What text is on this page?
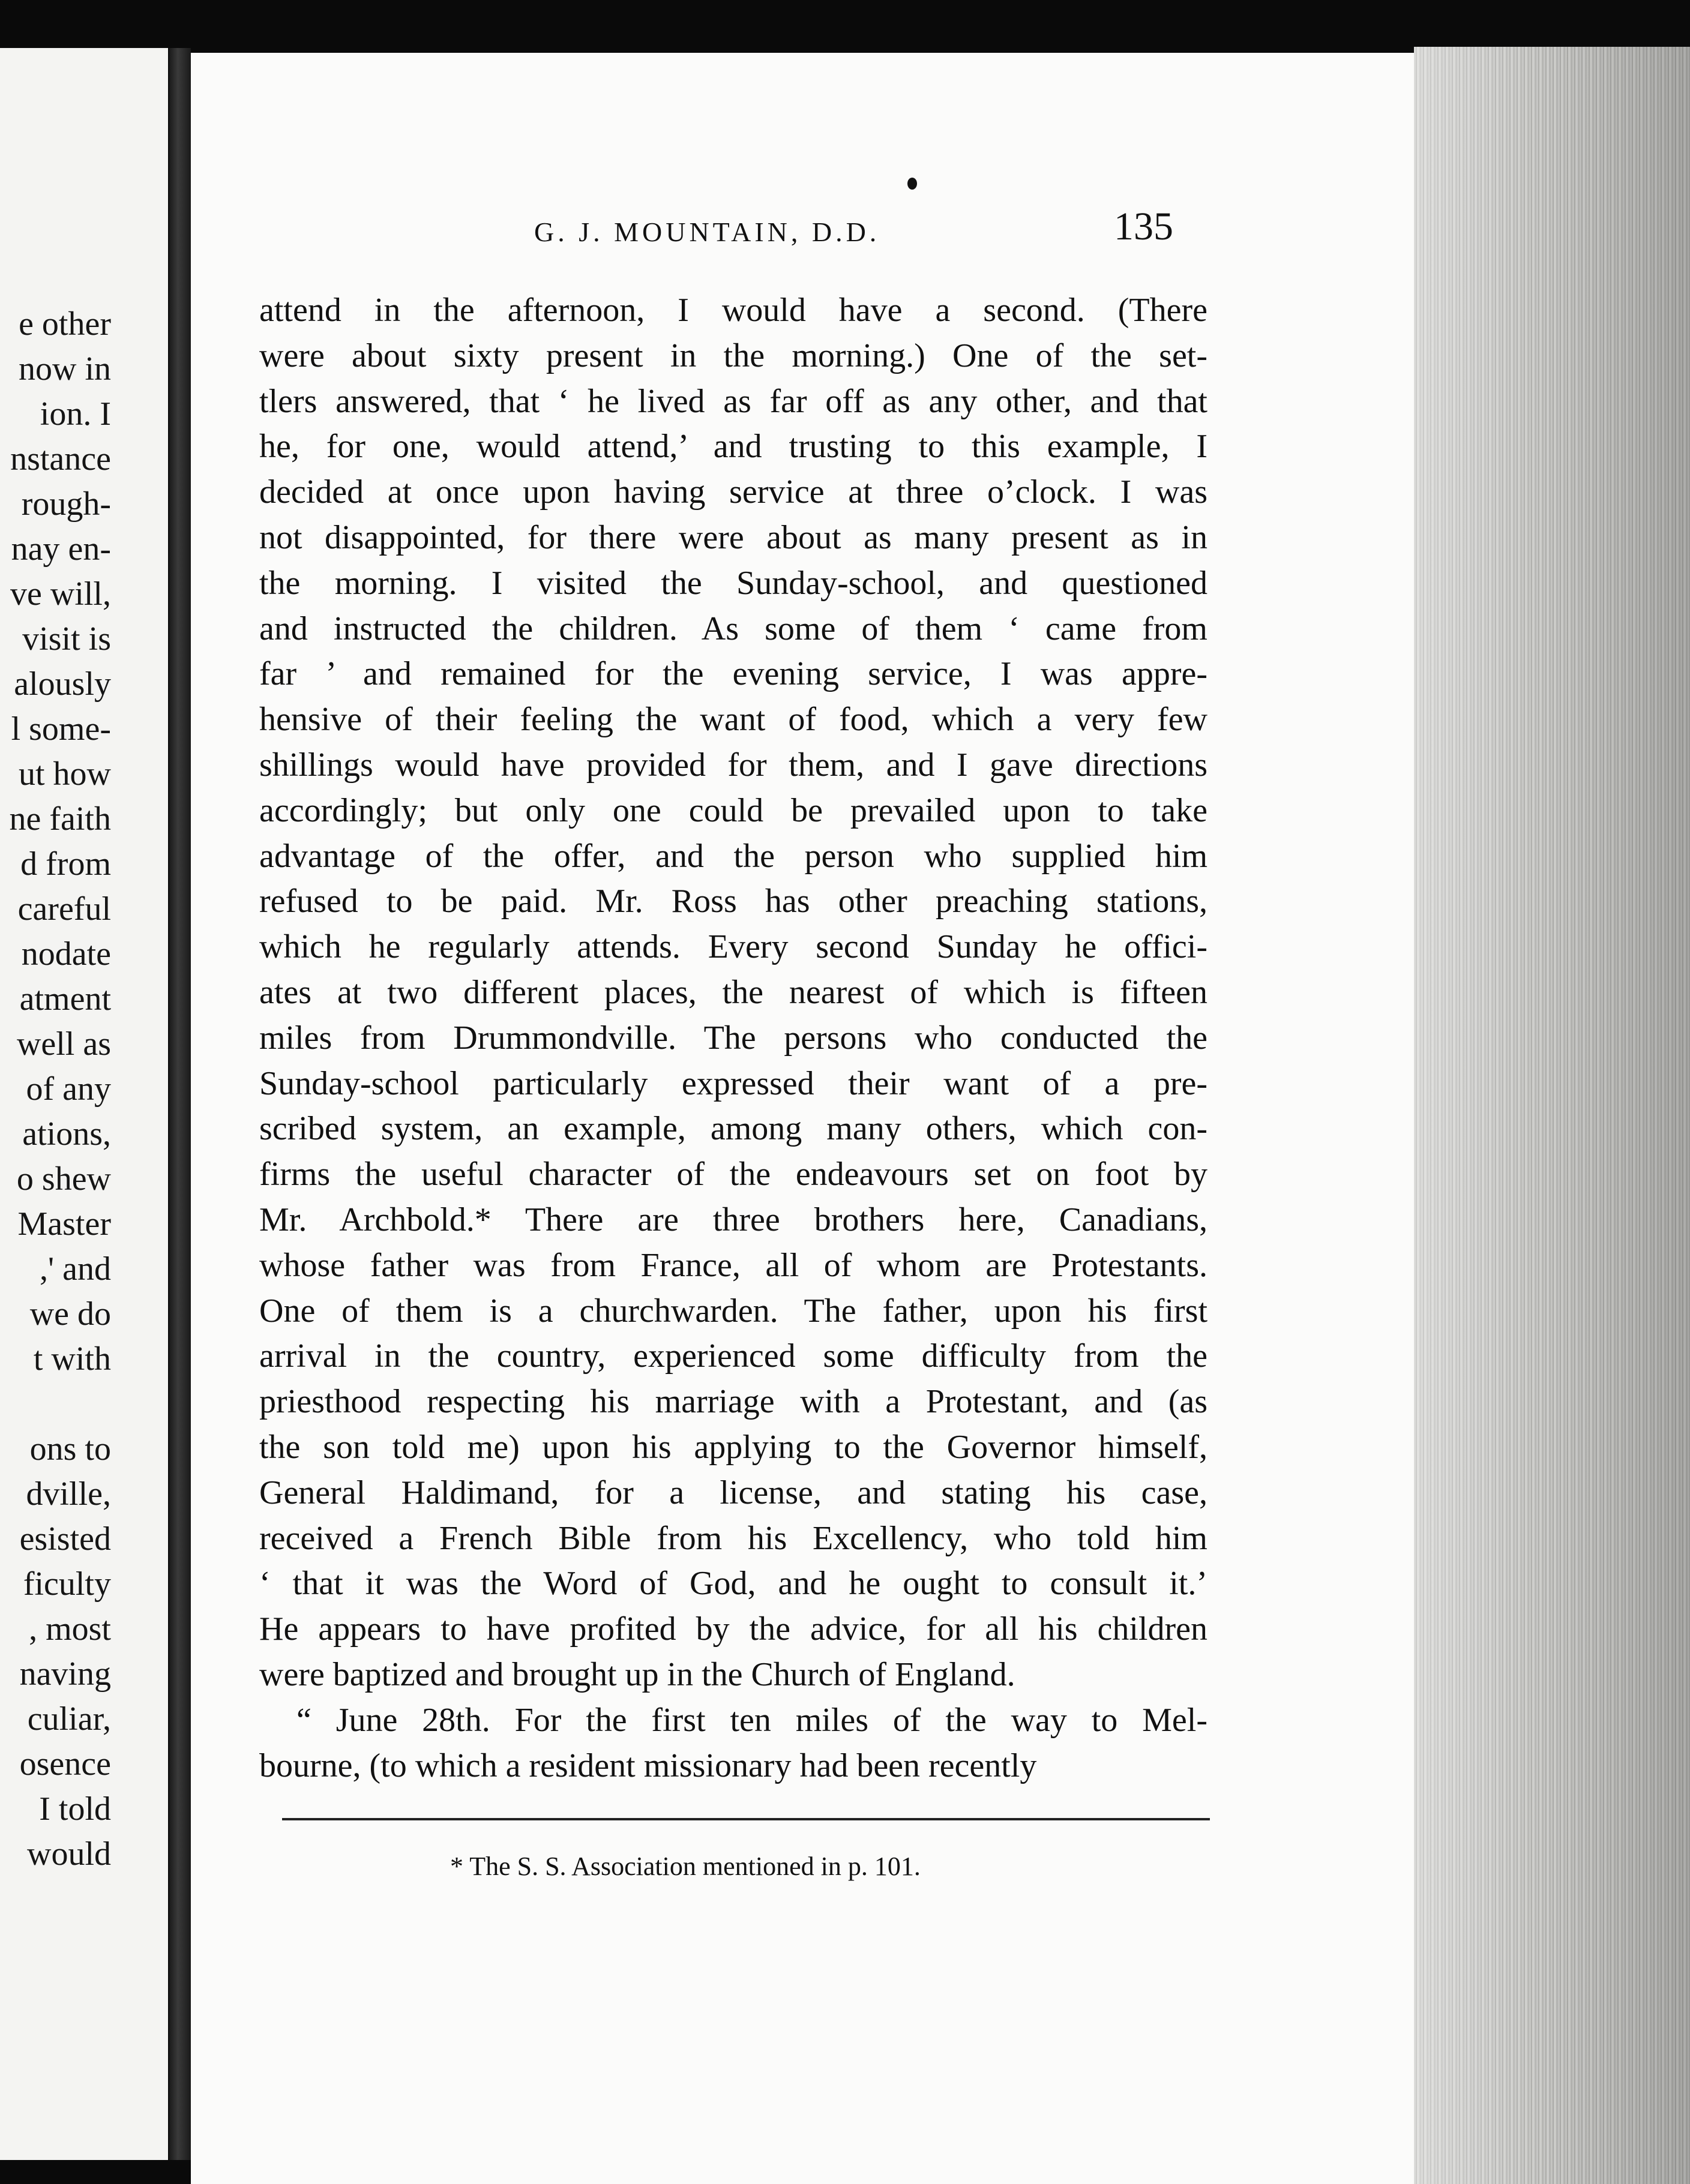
e other
now in
ion. I
nstance
rough-
nay en-
ve will,
visit is
alously
l some-
ut how
ne faith
d from
careful
nodate
atment
well as
of any
ations,
o shew
Master
,' and
we do
t with
ons to
dville,
esisted
ficulty
, most
naving
culiar,
osence
I told
would
G. J. MOUNTAIN, D.D.	135
attend in the afternoon, I would have a second. (There
were about sixty present in the morning.) One of the set-
tlers answered, that ‘ he lived as far off as any other, and that
he, for one, would attend,’ and trusting to this example, I
decided at once upon having service at three o’clock. I was
not disappointed, for there were about as many present as in
the morning. I visited the Sunday-school, and questioned
and instructed the children. As some of them ‘ came from
far ’ and remained for the evening service, I was appre-
hensive of their feeling the want of food, which a very few
shillings would have provided for them, and I gave directions
accordingly; but only one could be prevailed upon to take
advantage of the offer, and the person who supplied him
refused to be paid. Mr. Ross has other preaching stations,
which he regularly attends. Every second Sunday he offici-
ates at two different places, the nearest of which is fifteen
miles from Drummondville. The persons who conducted the
Sunday-school particularly expressed their want of a pre-
scribed system, an example, among many others, which con-
firms the useful character of the endeavours set on foot by
Mr. Archbold.* There are three brothers here, Canadians,
whose father was from France, all of whom are Protestants.
One of them is a churchwarden. The father, upon his first
arrival in the country, experienced some difficulty from the
priesthood respecting his marriage with a Protestant, and (as
the son told me) upon his applying to the Governor himself,
General Haldimand, for a license, and stating his case,
received a French Bible from his Excellency, who told him
‘ that it was the Word of God, and he ought to consult it.’
He appears to have profited by the advice, for all his children
were baptized and brought up in the Church of England.
“ June 28th. For the first ten miles of the way to Mel-
bourne, (to which a resident missionary had been recently
* The S. S. Association mentioned in p. 101.
